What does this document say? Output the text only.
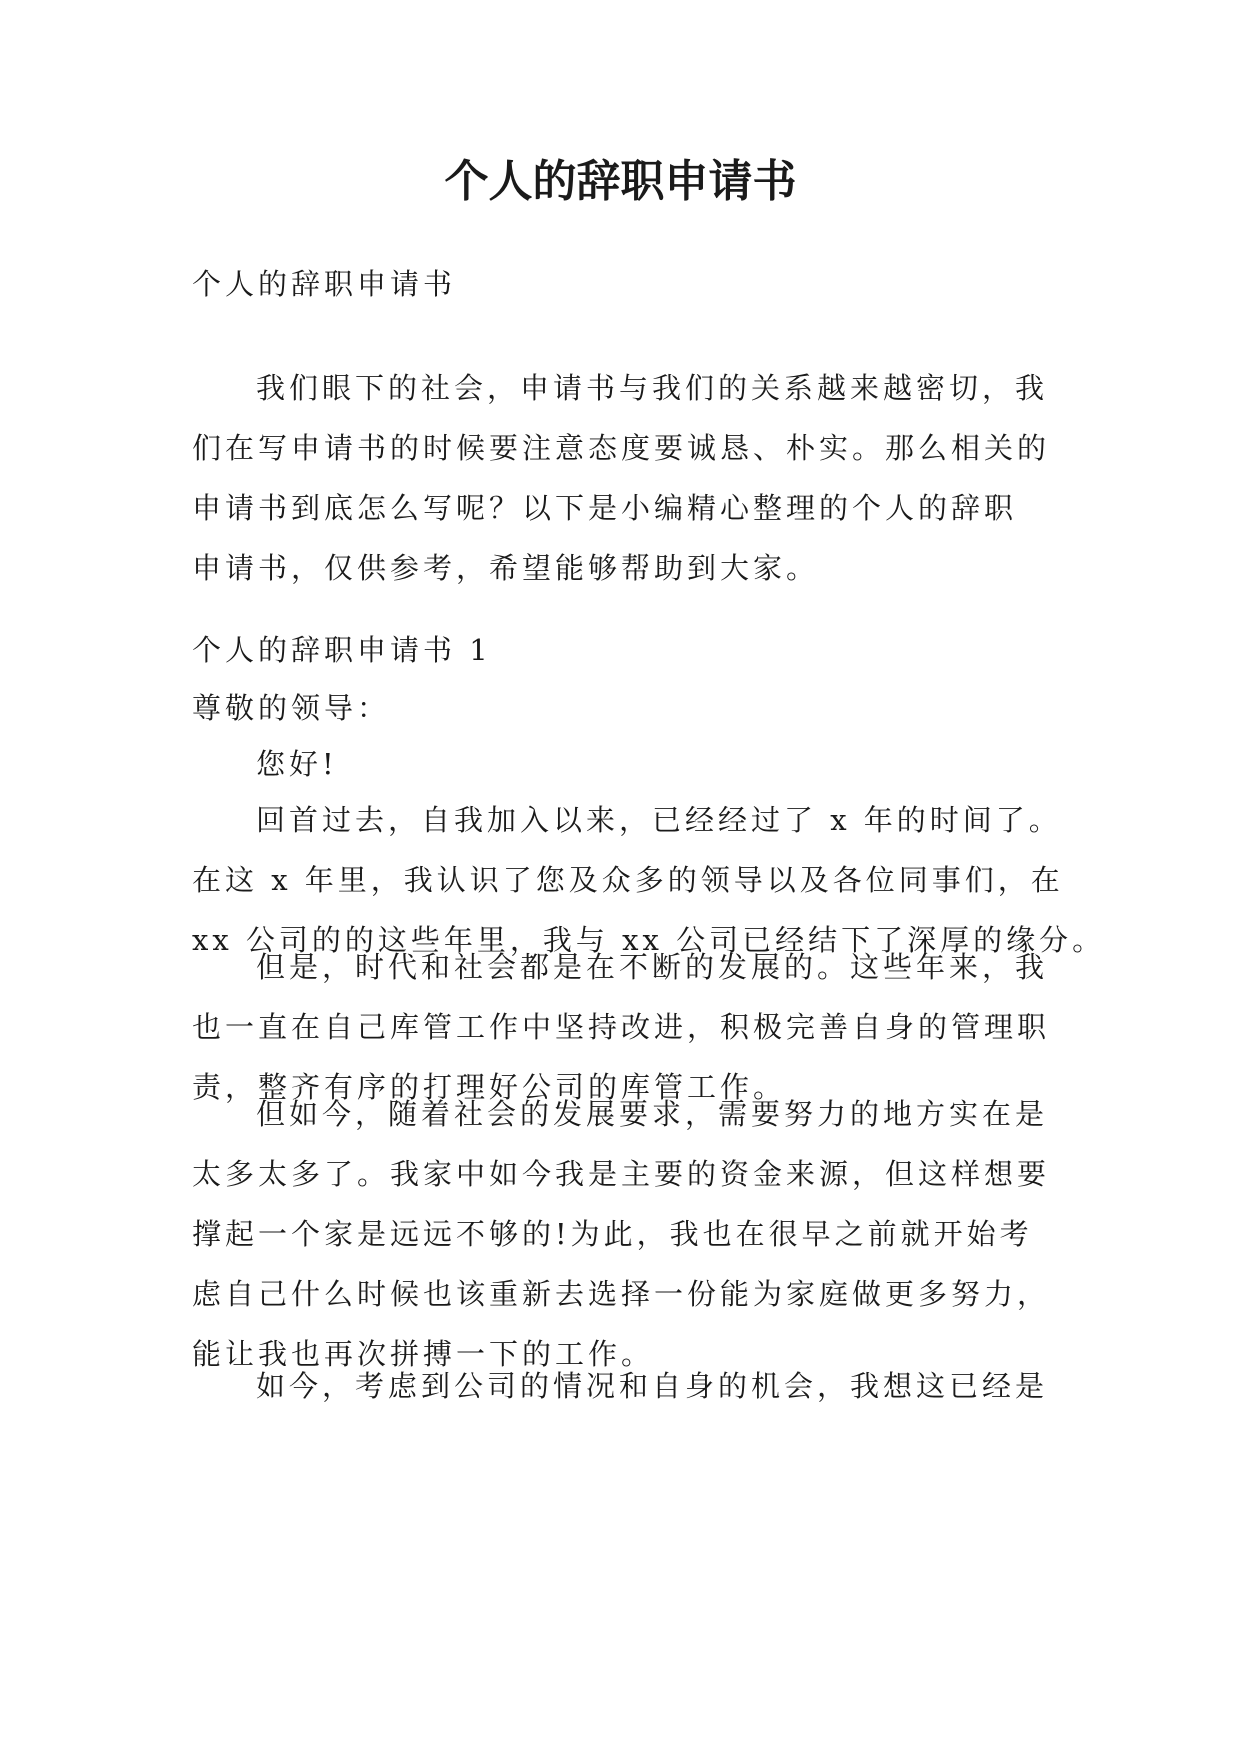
个人的辞职申请书

个人的辞职申请书

我们眼下的社会，申请书与我们的关系越来越密切，我
们在写申请书的时候要注意态度要诚恳、朴实。那么相关的
申请书到底怎么写呢？以下是小编精心整理的个人的辞职
申请书，仅供参考，希望能够帮助到大家。

个人的辞职申请书 1

尊敬的领导：

您好!

回首过去，自我加入以来，已经经过了 x 年的时间了。
在这 x 年里，我认识了您及众多的领导以及各位同事们，在
xx 公司的的这些年里，我与 xx 公司已经结下了深厚的缘分。

但是，时代和社会都是在不断的发展的。这些年来，我
也一直在自己库管工作中坚持改进，积极完善自身的管理职
责，整齐有序的打理好公司的库管工作。

但如今，随着社会的发展要求，需要努力的地方实在是
太多太多了。我家中如今我是主要的资金来源，但这样想要
撑起一个家是远远不够的!为此，我也在很早之前就开始考
虑自己什么时候也该重新去选择一份能为家庭做更多努力，
能让我也再次拼搏一下的工作。

如今，考虑到公司的情况和自身的机会，我想这已经是
